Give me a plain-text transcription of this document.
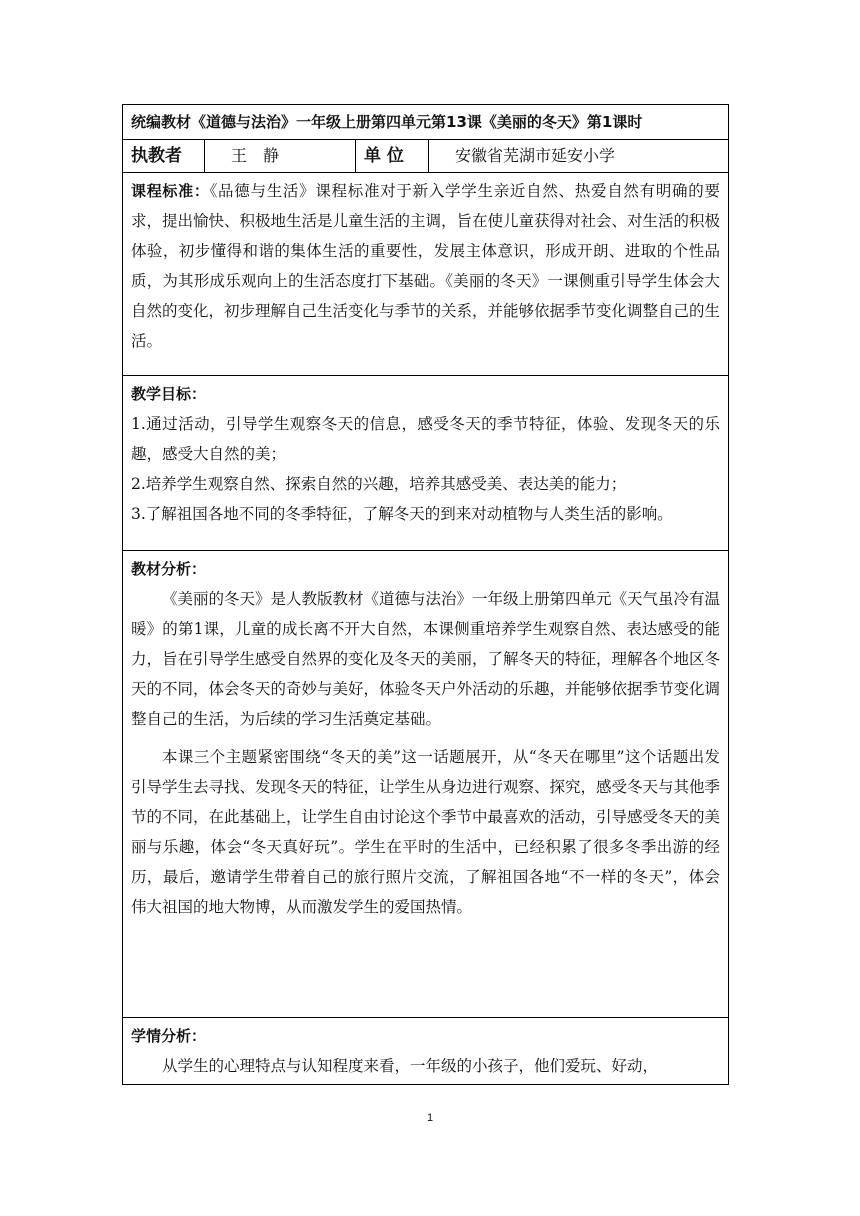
统编教材《道德与法治》一年级上册第四单元第13课《美丽的冬天》第1课时
执教者	王　静	单 位	安徽省芜湖市延安小学

课程标准：《品德与生活》课程标准对于新入学学生亲近自然、热爱自然有明确的要求，提出愉快、积极地生活是儿童生活的主调，旨在使儿童获得对社会、对生活的积极体验，初步懂得和谐的集体生活的重要性，发展主体意识，形成开朗、进取的个性品质，为其形成乐观向上的生活态度打下基础。《美丽的冬天》一课侧重引导学生体会大自然的变化，初步理解自己生活变化与季节的关系，并能够依据季节变化调整自己的生活。

教学目标：

1.通过活动，引导学生观察冬天的信息，感受冬天的季节特征，体验、发现冬天的乐趣，感受大自然的美；

2.培养学生观察自然、探索自然的兴趣，培养其感受美、表达美的能力；

3.了解祖国各地不同的冬季特征，了解冬天的到来对动植物与人类生活的影响。

教材分析：

《美丽的冬天》是人教版教材《道德与法治》一年级上册第四单元《天气虽冷有温暖》的第1课，儿童的成长离不开大自然，本课侧重培养学生观察自然、表达感受的能力，旨在引导学生感受自然界的变化及冬天的美丽，了解冬天的特征，理解各个地区冬天的不同，体会冬天的奇妙与美好，体验冬天户外活动的乐趣，并能够依据季节变化调整自己的生活，为后续的学习生活奠定基础。

本课三个主题紧密围绕“冬天的美”这一话题展开，从“冬天在哪里”这个话题出发引导学生去寻找、发现冬天的特征，让学生从身边进行观察、探究，感受冬天与其他季节的不同，在此基础上，让学生自由讨论这个季节中最喜欢的活动，引导感受冬天的美丽与乐趣，体会“冬天真好玩”。学生在平时的生活中，已经积累了很多冬季出游的经历，最后，邀请学生带着自己的旅行照片交流，了解祖国各地“不一样的冬天”，体会伟大祖国的地大物博，从而激发学生的爱国热情。

学情分析：

从学生的心理特点与认知程度来看，一年级的小孩子，他们爱玩、好动，

1
